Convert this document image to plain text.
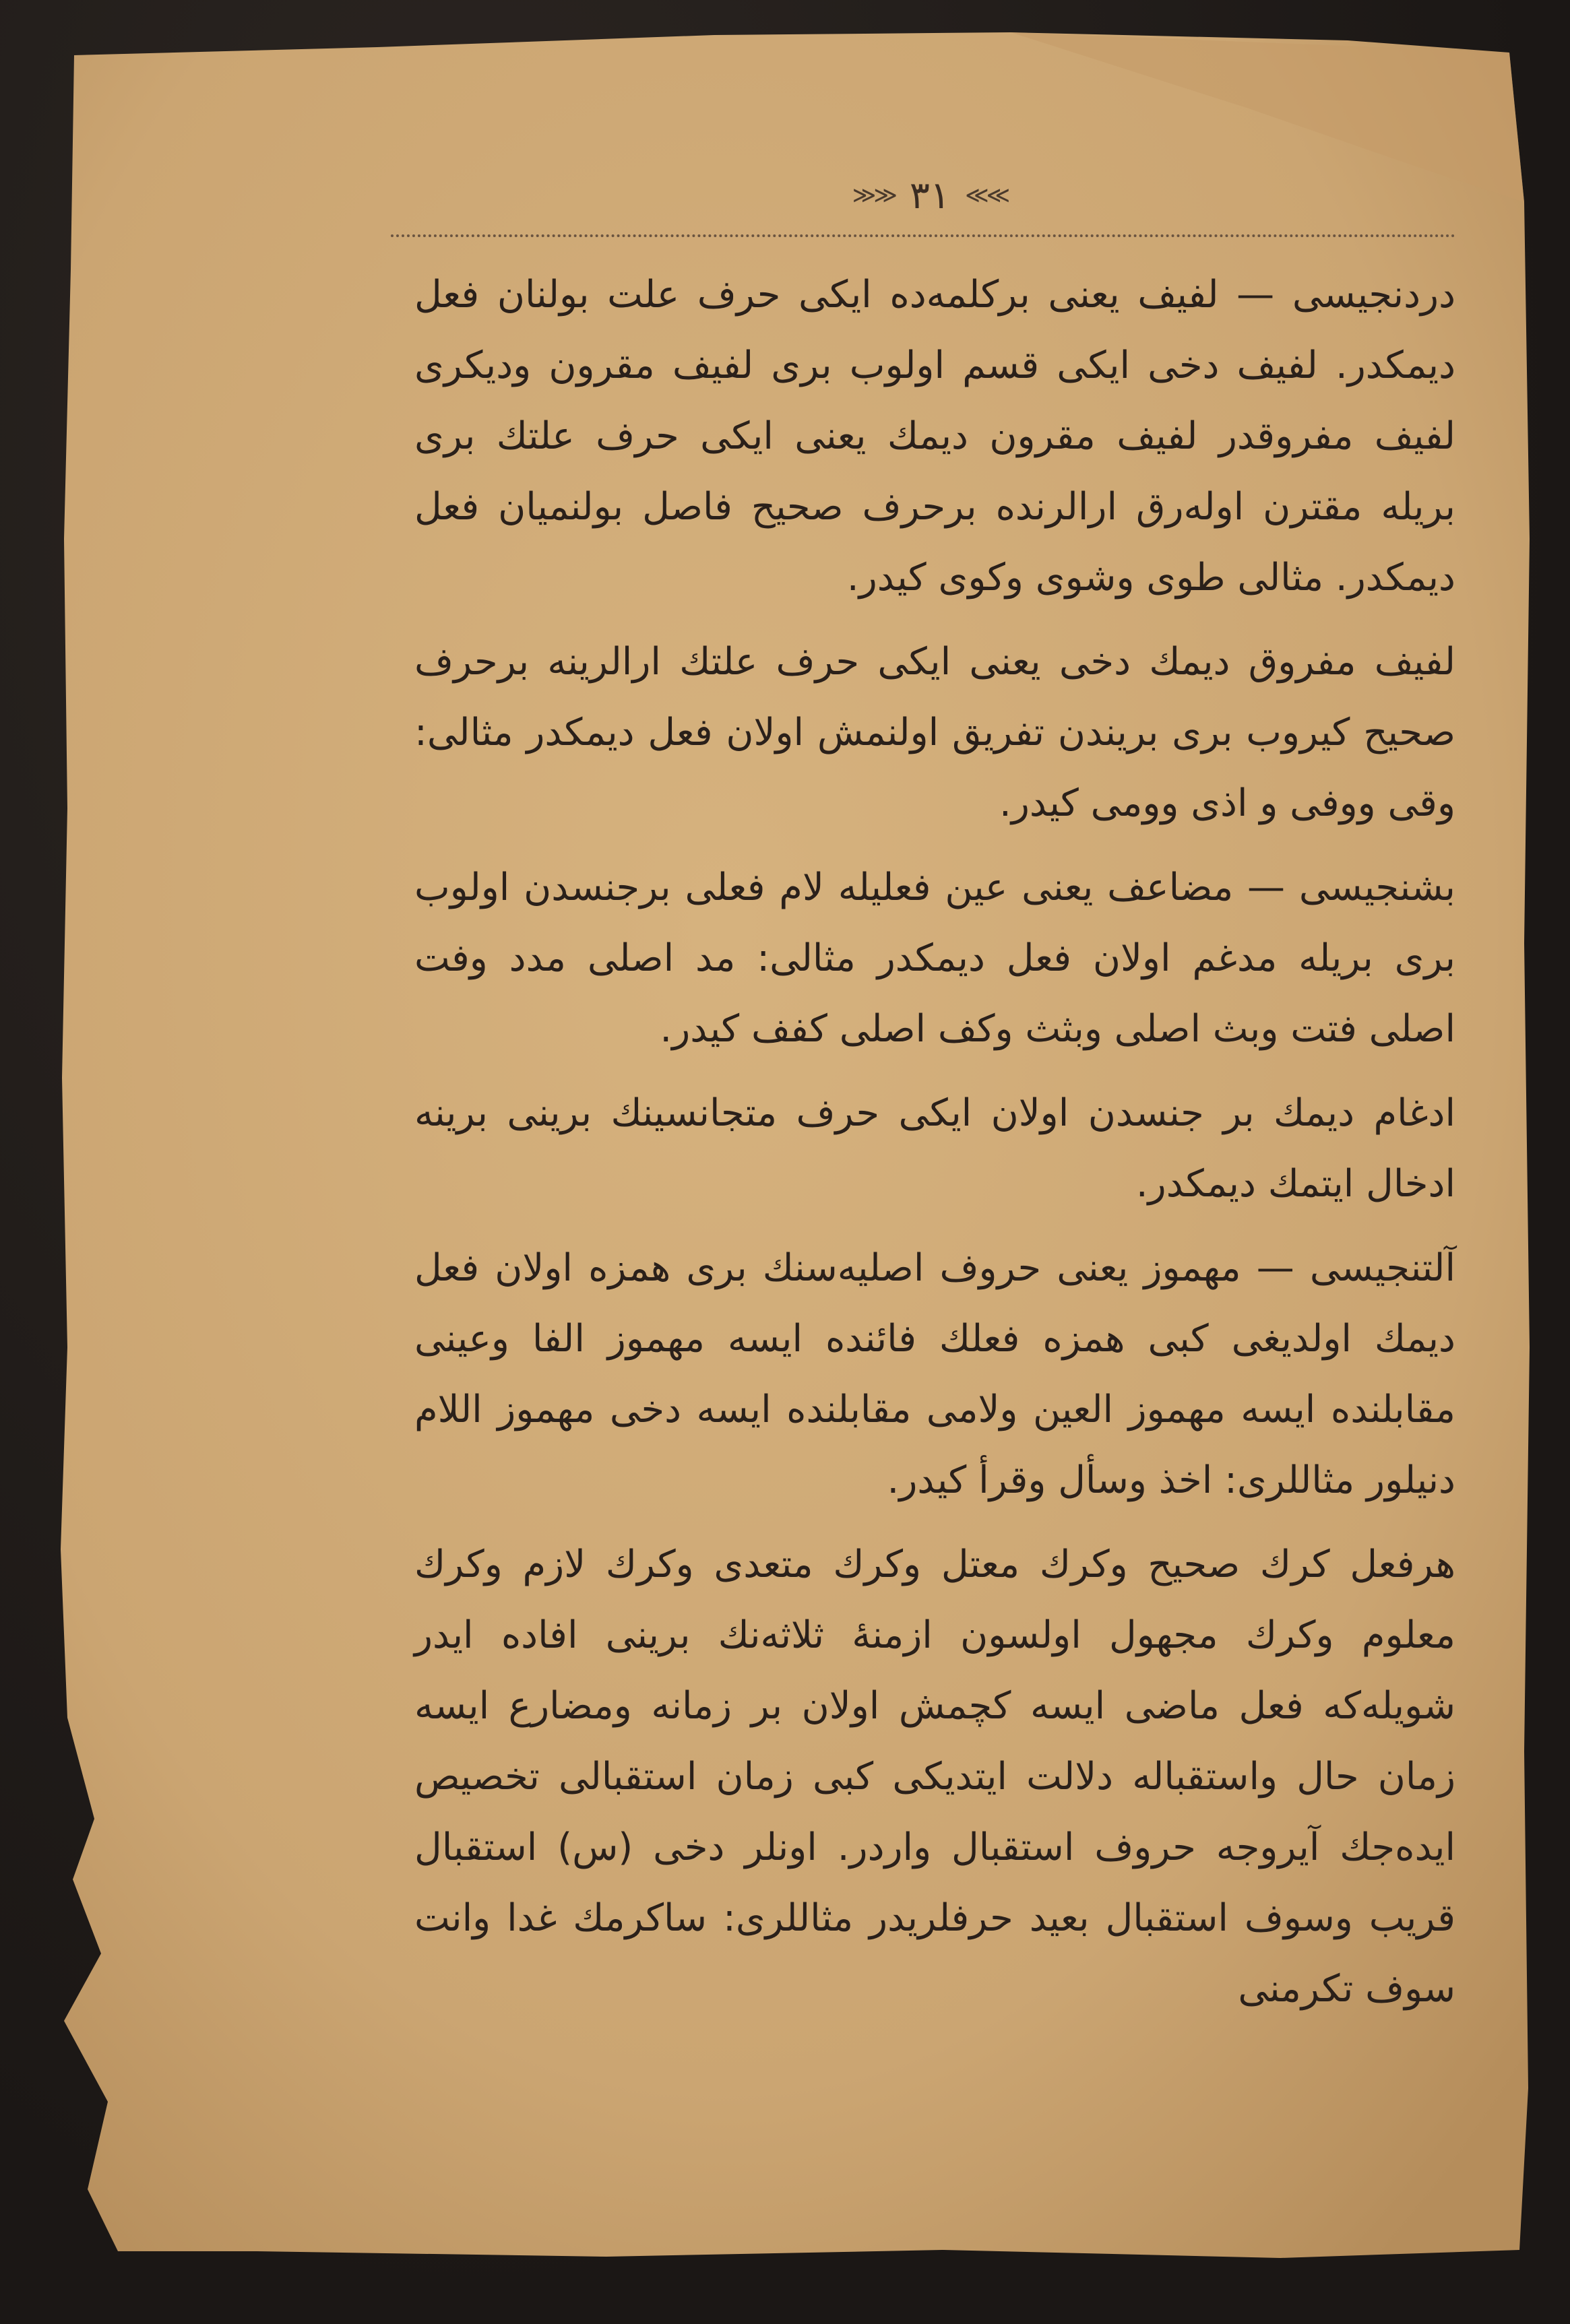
≫≫ ٣١ ≪≪

دردنجیسی — لفیف یعنی برکلمه‌ده ایکی حرف علت بولنان فعل دیمکدر. لفیف دخی ایکی قسم اولوب بری لفیف مقرون ودیکری لفیف مفروقدر لفیف مقرون دیمك یعنی ایکی حرف علتك بری بریله مقترن اوله‌رق ارالرنده برحرف صحیح فاصل بولنمیان فعل دیمکدر. مثالی طوی وشوی وکوی کیدر.

لفیف مفروق دیمك دخی یعنی ایکی حرف علتك ارالرینه برحرف صحیح کیروب بری بریندن تفریق اولنمش اولان فعل دیمکدر مثالی: وقی ووفی و اذی وومی کیدر.

بشنجیسی — مضاعف یعنی عین فعلیله لام فعلی برجنسدن اولوب بری بریله مدغم اولان فعل دیمکدر مثالی: مد اصلی مدد وفت اصلی فتت وبث اصلی وبثث وکف اصلی کفف کیدر.

ادغام دیمك بر جنسدن اولان ایکی حرف متجانسینك برینی برینه ادخال ایتمك دیمکدر.

آلتنجیسی — مهموز یعنی حروف اصلیه‌سنك بری همزه اولان فعل دیمك اولدیغی کبی همزه فعلك فائنده ایسه مهموز الفا وعینی مقابلنده ایسه مهموز العین ولامی مقابلنده ایسه دخی مهموز اللام دنیلور مثاللری: اخذ وسأل وقرأ کیدر.

هرفعل کرك صحیح وکرك معتل وکرك متعدی وکرك لازم وکرك معلوم وکرك مجهول اولسون ازمنهٔ ثلاثه‌نك برینی افاده ایدر شویله‌که فعل ماضی ایسه کچمش اولان بر زمانه ومضارع ایسه زمان حال واستقباله دلالت ایتدیکی کبی زمان استقبالی تخصیص ایده‌جك آیروجه حروف استقبال واردر. اونلر دخی (س) استقبال قریب وسوف استقبال بعید حرفلریدر مثاللری: ساکرمك غدا وانت سوف تکرمنی
